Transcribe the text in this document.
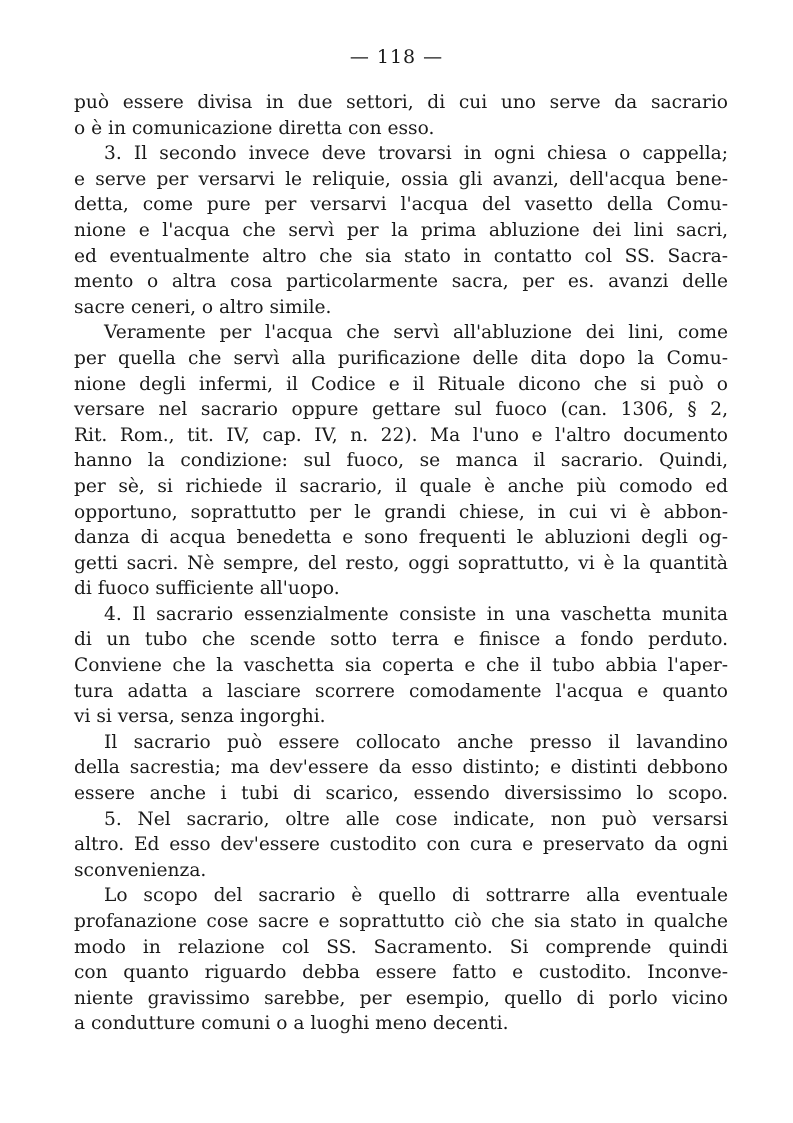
— 118 —
può essere divisa in due settori, di cui uno serve da sacrario
o è in comunicazione diretta con esso.
3. Il secondo invece deve trovarsi in ogni chiesa o cappella;
e serve per versarvi le reliquie, ossia gli avanzi, dell'acqua bene-
detta, come pure per versarvi l'acqua del vasetto della Comu-
nione e l'acqua che servì per la prima abluzione dei lini sacri,
ed eventualmente altro che sia stato in contatto col SS. Sacra-
mento o altra cosa particolarmente sacra, per es. avanzi delle
sacre ceneri, o altro simile.
Veramente per l'acqua che servì all'abluzione dei lini, come
per quella che servì alla purificazione delle dita dopo la Comu-
nione degli infermi, il Codice e il Rituale dicono che si può o
versare nel sacrario oppure gettare sul fuoco (can. 1306, § 2,
Rit. Rom., tit. IV, cap. IV, n. 22). Ma l'uno e l'altro documento
hanno la condizione: sul fuoco, se manca il sacrario. Quindi,
per sè, si richiede il sacrario, il quale è anche più comodo ed
opportuno, soprattutto per le grandi chiese, in cui vi è abbon-
danza di acqua benedetta e sono frequenti le abluzioni degli og-
getti sacri. Nè sempre, del resto, oggi soprattutto, vi è la quantità
di fuoco sufficiente all'uopo.
4. Il sacrario essenzialmente consiste in una vaschetta munita
di un tubo che scende sotto terra e finisce a fondo perduto.
Conviene che la vaschetta sia coperta e che il tubo abbia l'aper-
tura adatta a lasciare scorrere comodamente l'acqua e quanto
vi si versa, senza ingorghi.
Il sacrario può essere collocato anche presso il lavandino
della sacrestia; ma dev'essere da esso distinto; e distinti debbono
essere anche i tubi di scarico, essendo diversissimo lo scopo.
5. Nel sacrario, oltre alle cose indicate, non può versarsi
altro. Ed esso dev'essere custodito con cura e preservato da ogni
sconvenienza.
Lo scopo del sacrario è quello di sottrarre alla eventuale
profanazione cose sacre e soprattutto ciò che sia stato in qualche
modo in relazione col SS. Sacramento. Si comprende quindi
con quanto riguardo debba essere fatto e custodito. Inconve-
niente gravissimo sarebbe, per esempio, quello di porlo vicino
a condutture comuni o a luoghi meno decenti.
